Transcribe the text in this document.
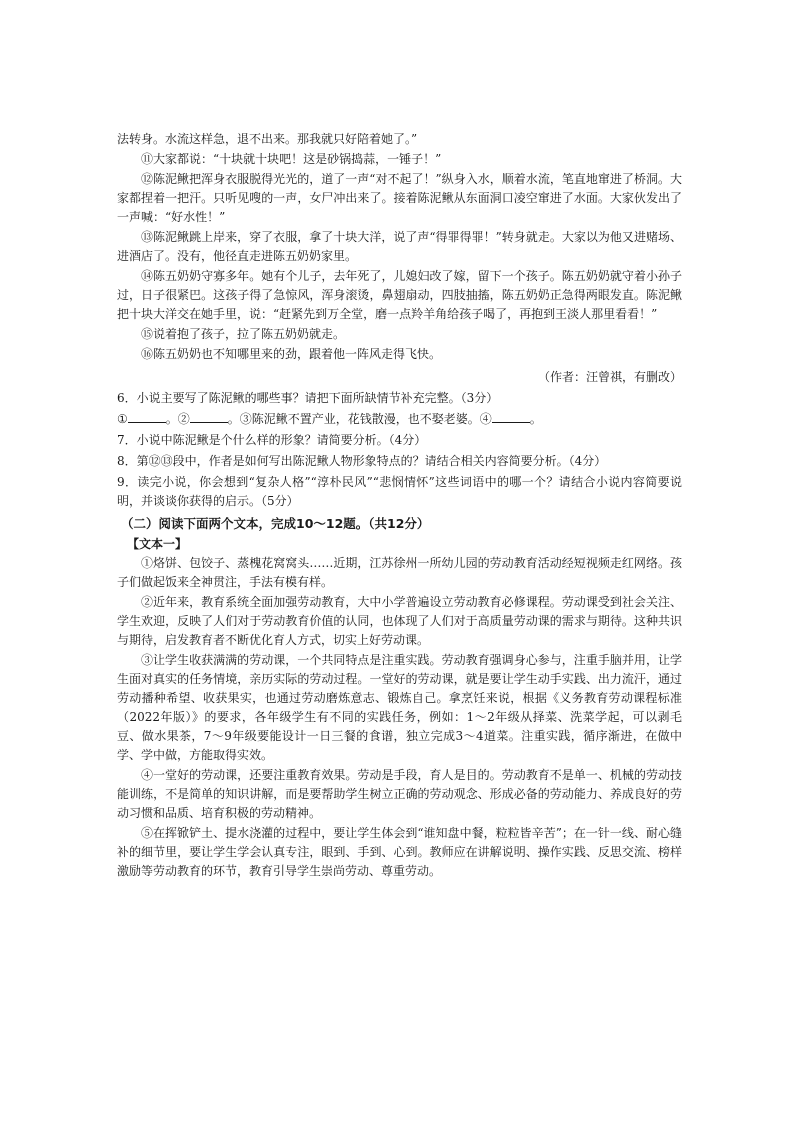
法转身。水流这样急，退不出来。那我就只好陪着她了。”

⑪大家都说：“十块就十块吧！这是砂锅捣蒜，一锤子！”

⑫陈泥鳅把浑身衣服脱得光光的，道了一声“对不起了！”纵身入水，顺着水流，笔直地窜进了桥洞。大家都捏着一把汗。只听见嗖的一声，女尸冲出来了。接着陈泥鳅从东面洞口凌空窜进了水面。大家伙发出了一声喊：“好水性！”

⑬陈泥鳅跳上岸来，穿了衣服，拿了十块大洋，说了声“得罪得罪！”转身就走。大家以为他又进赌场、进酒店了。没有，他径直走进陈五奶奶家里。

⑭陈五奶奶守寡多年。她有个儿子，去年死了，儿媳妇改了嫁，留下一个孩子。陈五奶奶就守着小孙子过，日子很紧巴。这孩子得了急惊风，浑身滚烫，鼻翅扇动，四肢抽搐，陈五奶奶正急得两眼发直。陈泥鳅把十块大洋交在她手里，说：“赶紧先到万全堂，磨一点羚羊角给孩子喝了，再抱到王淡人那里看看！”

⑮说着抱了孩子，拉了陈五奶奶就走。

⑯陈五奶奶也不知哪里来的劲，跟着他一阵风走得飞快。

（作者：汪曾祺，有删改）

6．小说主要写了陈泥鳅的哪些事？请把下面所缺情节补充完整。（3分）

①	。②	。③陈泥鳅不置产业，花钱散漫，也不娶老婆。④	。

7．小说中陈泥鳅是个什么样的形象？请简要分析。（4分）

8．第⑫⑬段中，作者是如何写出陈泥鳅人物形象特点的？请结合相关内容简要分析。（4分）

9．读完小说，你会想到“复杂人格”“淳朴民风”“悲悯情怀”这些词语中的哪一个？请结合小说内容简要说明，并谈谈你获得的启示。（5分）

（二）阅读下面两个文本，完成10～12题。（共12分）

【文本一】

①烙饼、包饺子、蒸槐花窝窝头……近期，江苏徐州一所幼儿园的劳动教育活动经短视频走红网络。孩子们做起饭来全神贯注，手法有模有样。

②近年来，教育系统全面加强劳动教育，大中小学普遍设立劳动教育必修课程。劳动课受到社会关注、学生欢迎，反映了人们对于劳动教育价值的认同，也体现了人们对于高质量劳动课的需求与期待。这种共识与期待，启发教育者不断优化育人方式，切实上好劳动课。

③让学生收获满满的劳动课，一个共同特点是注重实践。劳动教育强调身心参与，注重手脑并用，让学生面对真实的任务情境，亲历实际的劳动过程。一堂好的劳动课，就是要让学生动手实践、出力流汗，通过劳动播种希望、收获果实，也通过劳动磨炼意志、锻炼自己。拿烹饪来说，根据《义务教育劳动课程标准（2022年版）》的要求，各年级学生有不同的实践任务，例如：1～2年级从择菜、洗菜学起，可以剥毛豆、做水果茶，7～9年级要能设计一日三餐的食谱，独立完成3～4道菜。注重实践，循序渐进，在做中学、学中做，方能取得实效。

④一堂好的劳动课，还要注重教育效果。劳动是手段，育人是目的。劳动教育不是单一、机械的劳动技能训练，不是简单的知识讲解，而是要帮助学生树立正确的劳动观念、形成必备的劳动能力、养成良好的劳动习惯和品质、培育积极的劳动精神。

⑤在挥锨铲土、提水浇灌的过程中，要让学生体会到“谁知盘中餐，粒粒皆辛苦”；在一针一线、耐心缝补的细节里，要让学生学会认真专注，眼到、手到、心到。教师应在讲解说明、操作实践、反思交流、榜样激励等劳动教育的环节，教育引导学生崇尚劳动、尊重劳动。
